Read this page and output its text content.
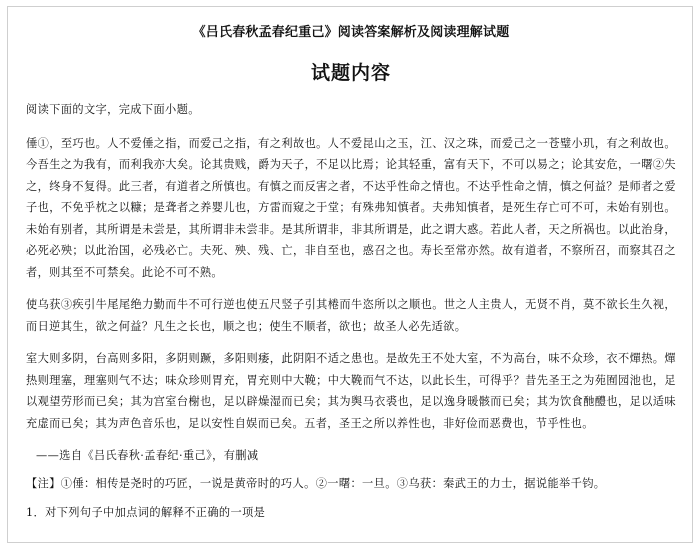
《吕氏春秋孟春纪重己》阅读答案解析及阅读理解试题
试题内容

阅读下面的文字，完成下面小题。

倕①，至巧也。人不爱倕之指，而爱己之指，有之利故也。人不爱昆山之玉，江、汉之珠，而爱己之一苍璧小玑，有之利故也。今吾生之为我有，而利我亦大矣。论其贵贱，爵为天子，不足以比焉；论其轻重，富有天下，不可以易之；论其安危，一曙②失之，终身不复得。此三者，有道者之所慎也。有慎之而反害之者，不达乎性命之情也。不达乎性命之情，慎之何益？是师者之爱子也，不免乎枕之以糠；是聋者之养婴儿也，方雷而窥之于堂；有殊弗知慎者。夫弗知慎者，是死生存亡可不可，未始有别也。未始有别者，其所谓是未尝是，其所谓非未尝非。是其所谓非，非其所谓是，此之谓大惑。若此人者，天之所祸也。以此治身，必死必殃；以此治国，必残必亡。夫死、殃、残、亡，非自至也，惑召之也。寿长至常亦然。故有道者，不察所召，而察其召之者，则其至不可禁矣。此论不可不熟。

使乌获③疾引牛尾尾绝力勤而牛不可行逆也使五尺竖子引其棬而牛恣所以之顺也。世之人主贵人，无贤不肖，莫不欲长生久视，而日逆其生，欲之何益？凡生之长也，顺之也；使生不顺者，欲也；故圣人必先适欲。

室大则多阴，台高则多阳，多阴则蹶，多阳则痿，此阴阳不适之患也。是故先王不处大室，不为高台，味不众珍，衣不燀热。燀热则理塞，理塞则气不达；味众珍则胃充，胃充则中大鞔；中大鞔而气不达，以此长生，可得乎？昔先圣王之为苑囿园池也，足以观望劳形而已矣；其为宫室台榭也，足以辟燥湿而已矣；其为舆马衣裘也，足以逸身暖骸而已矣；其为饮食酏醴也，足以适味充虚而已矣；其为声色音乐也，足以安性自娱而已矣。五者，圣王之所以养性也，非好俭而恶费也，节乎性也。

——选自《吕氏春秋·孟春纪·重己》，有删减

【注】①倕：相传是尧时的巧匠，一说是黄帝时的巧人。②一曙：一旦。③乌获：秦武王的力士，据说能举千钧。

1．对下列句子中加点词的解释不正确的一项是
